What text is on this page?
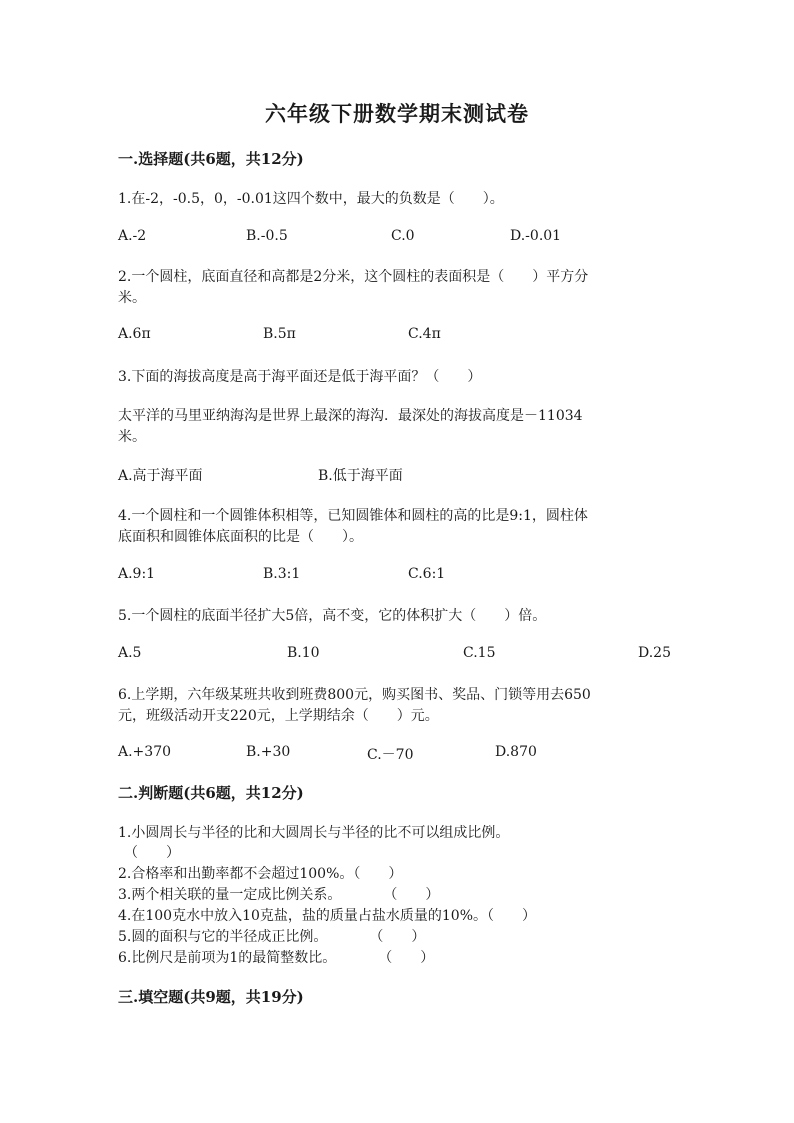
六年级下册数学期末测试卷
一.选择题(共6题，共12分)
1.在-2，-0.5，0，-0.01这四个数中，最大的负数是（　　）。
A.-2	B.-0.5	C.0	D.-0.01
2.一个圆柱，底面直径和高都是2分米，这个圆柱的表面积是（　　）平方分
米。
A.6π	B.5π	C.4π
3.下面的海拔高度是高于海平面还是低于海平面？（　　）
太平洋的马里亚纳海沟是世界上最深的海沟．最深处的海拔高度是－11034
米。
A.高于海平面	B.低于海平面
4.一个圆柱和一个圆锥体积相等，已知圆锥体和圆柱的高的比是9:1，圆柱体
底面积和圆锥体底面积的比是（　　）。
A.9:1	B.3:1	C.6:1
5.一个圆柱的底面半径扩大5倍，高不变，它的体积扩大（　　）倍。
A.5	B.10	C.15	D.25
6.上学期，六年级某班共收到班费800元，购买图书、奖品、门锁等用去650
元，班级活动开支220元，上学期结余（　　）元。
A.+370	B.+30	C.－70	D.870
二.判断题(共6题，共12分)
1.小圆周长与半径的比和大圆周长与半径的比不可以组成比例。
（　　）
2.合格率和出勤率都不会超过100%。（　　）
3.两个相关联的量一定成比例关系。　　　　（　　）
4.在100克水中放入10克盐，盐的质量占盐水质量的10%。（　　）
5.圆的面积与它的半径成正比例。　　　　（　　）
6.比例尺是前项为1的最简整数比。　　　　（　　）
三.填空题(共9题，共19分)
